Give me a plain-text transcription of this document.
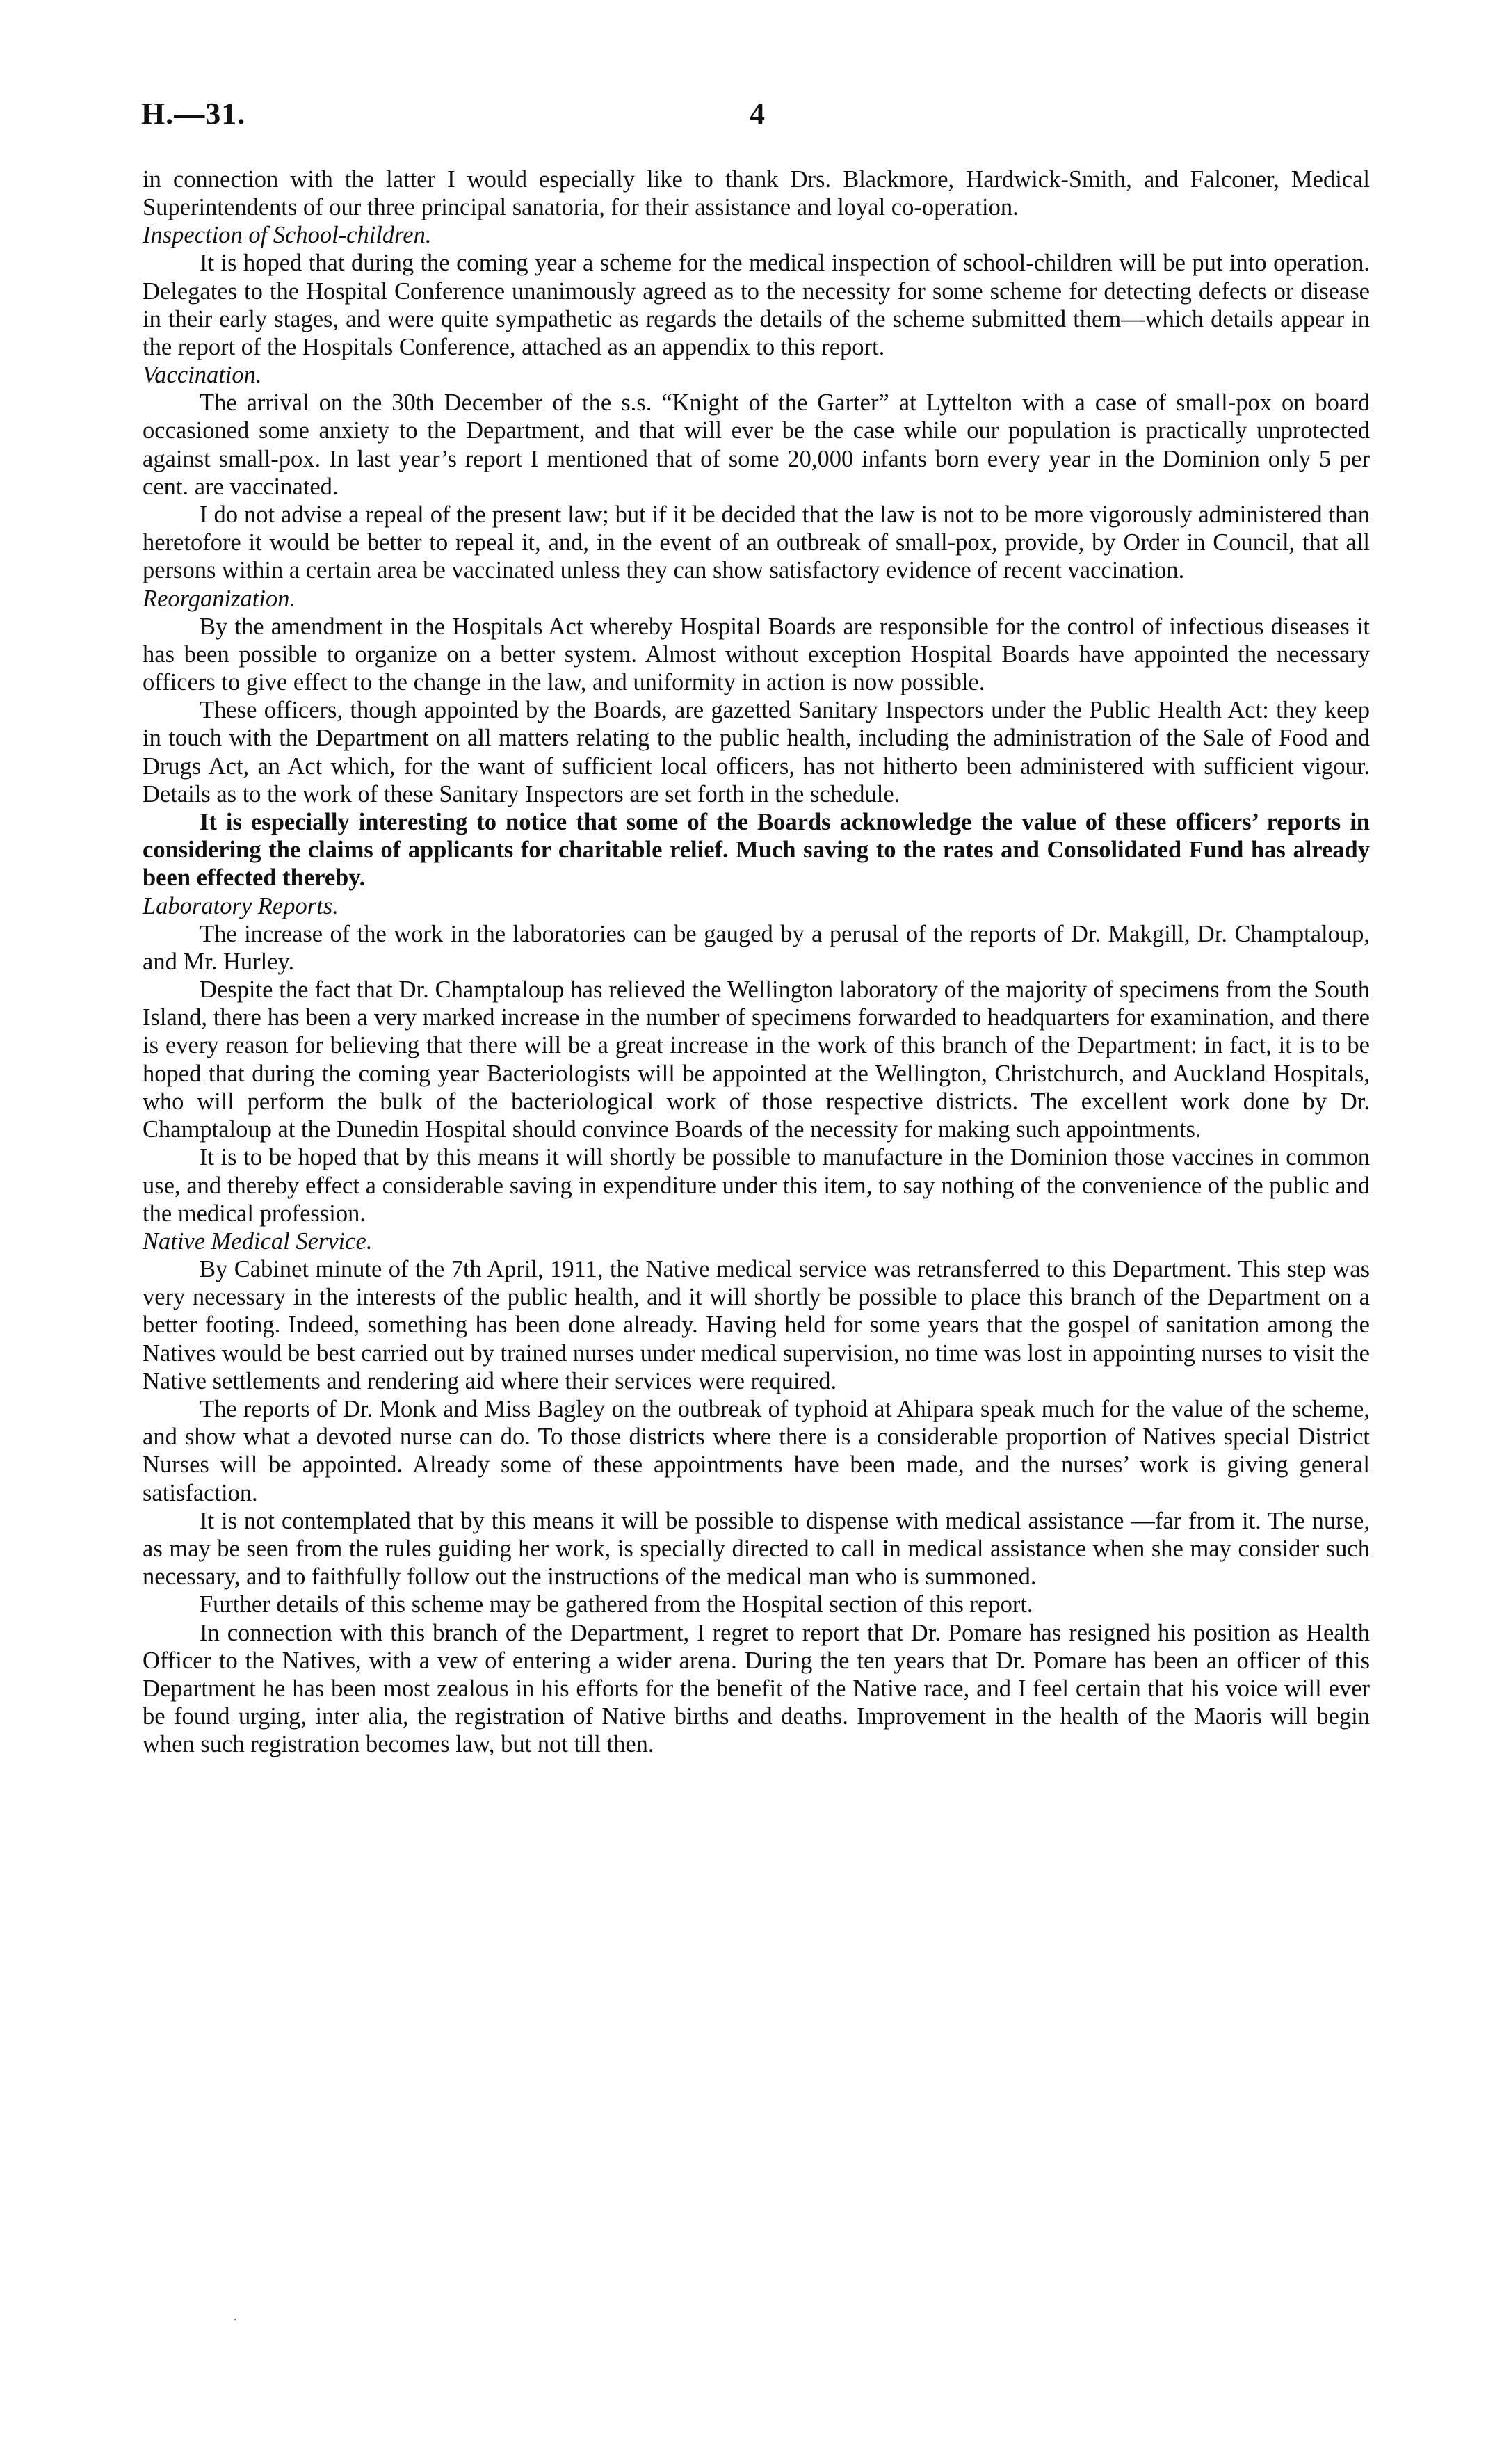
H.—31.	4

in connection with the latter I would especially like to thank Drs. Blackmore, Hardwick-Smith, and Falconer, Medical Superintendents of our three principal sanatoria, for their assistance and loyal co-operation.

Inspection of School-children.

It is hoped that during the coming year a scheme for the medical inspection of school-children will be put into operation. Delegates to the Hospital Conference unanimously agreed as to the necessity for some scheme for detecting defects or disease in their early stages, and were quite sympathetic as regards the details of the scheme submitted them—which details appear in the report of the Hospitals Conference, attached as an appendix to this report.

Vaccination.

The arrival on the 30th December of the s.s. “Knight of the Garter” at Lyttelton with a case of small-pox on board occasioned some anxiety to the Department, and that will ever be the case while our population is practically unprotected against small-pox. In last year’s report I mentioned that of some 20,000 infants born every year in the Dominion only 5 per cent. are vaccinated.

I do not advise a repeal of the present law; but if it be decided that the law is not to be more vigorously administered than heretofore it would be better to repeal it, and, in the event of an outbreak of small-pox, provide, by Order in Council, that all persons within a certain area be vaccinated unless they can show satisfactory evidence of recent vaccination.

Reorganization.

By the amendment in the Hospitals Act whereby Hospital Boards are responsible for the control of infectious diseases it has been possible to organize on a better system. Almost without exception Hospital Boards have appointed the necessary officers to give effect to the change in the law, and uniformity in action is now possible.

These officers, though appointed by the Boards, are gazetted Sanitary Inspectors under the Public Health Act: they keep in touch with the Department on all matters relating to the public health, including the administration of the Sale of Food and Drugs Act, an Act which, for the want of sufficient local officers, has not hitherto been administered with sufficient vigour. Details as to the work of these Sanitary Inspectors are set forth in the schedule.

It is especially interesting to notice that some of the Boards acknowledge the value of these officers’ reports in considering the claims of applicants for charitable relief. Much saving to the rates and Consolidated Fund has already been effected thereby.

Laboratory Reports.

The increase of the work in the laboratories can be gauged by a perusal of the reports of Dr. Makgill, Dr. Champtaloup, and Mr. Hurley.

Despite the fact that Dr. Champtaloup has relieved the Wellington laboratory of the majority of specimens from the South Island, there has been a very marked increase in the number of specimens forwarded to headquarters for examination, and there is every reason for believing that there will be a great increase in the work of this branch of the Department: in fact, it is to be hoped that during the coming year Bacteriologists will be appointed at the Wellington, Christchurch, and Auckland Hospitals, who will perform the bulk of the bacteriological work of those respective districts. The excellent work done by Dr. Champtaloup at the Dunedin Hospital should convince Boards of the necessity for making such appointments.

It is to be hoped that by this means it will shortly be possible to manufacture in the Dominion those vaccines in common use, and thereby effect a considerable saving in expenditure under this item, to say nothing of the convenience of the public and the medical profession.

Native Medical Service.

By Cabinet minute of the 7th April, 1911, the Native medical service was retransferred to this Department. This step was very necessary in the interests of the public health, and it will shortly be possible to place this branch of the Department on a better footing. Indeed, something has been done already. Having held for some years that the gospel of sanitation among the Natives would be best carried out by trained nurses under medical supervision, no time was lost in appointing nurses to visit the Native settlements and rendering aid where their services were required.

The reports of Dr. Monk and Miss Bagley on the outbreak of typhoid at Ahipara speak much for the value of the scheme, and show what a devoted nurse can do. To those districts where there is a considerable proportion of Natives special District Nurses will be appointed. Already some of these appointments have been made, and the nurses’ work is giving general satisfaction.

It is not contemplated that by this means it will be possible to dispense with medical assistance —far from it. The nurse, as may be seen from the rules guiding her work, is specially directed to call in medical assistance when she may consider such necessary, and to faithfully follow out the instructions of the medical man who is summoned.

Further details of this scheme may be gathered from the Hospital section of this report.

In connection with this branch of the Department, I regret to report that Dr. Pomare has resigned his position as Health Officer to the Natives, with a vew of entering a wider arena. During the ten years that Dr. Pomare has been an officer of this Department he has been most zealous in his efforts for the benefit of the Native race, and I feel certain that his voice will ever be found urging, inter alia, the registration of Native births and deaths. Improvement in the health of the Maoris will begin when such registration becomes law, but not till then.

·
